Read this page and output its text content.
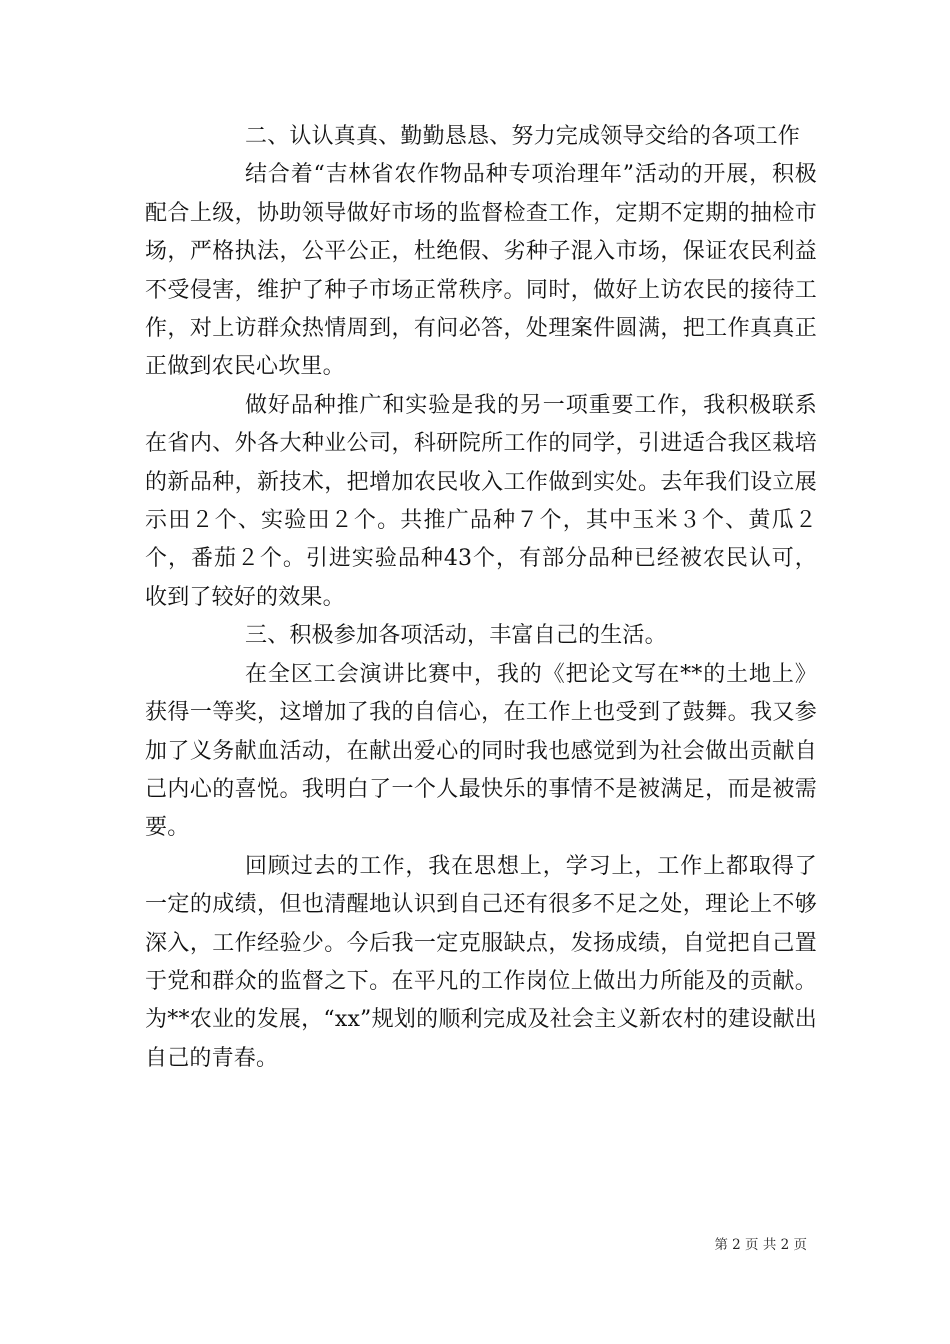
二、认认真真、勤勤恳恳、努力完成领导交给的各项工作

结合着“吉林省农作物品种专项治理年”活动的开展，积极配合上级，协助领导做好市场的监督检查工作，定期不定期的抽检市场，严格执法，公平公正，杜绝假、劣种子混入市场，保证农民利益不受侵害，维护了种子市场正常秩序。同时，做好上访农民的接待工作，对上访群众热情周到，有问必答，处理案件圆满，把工作真真正正做到农民心坎里。

做好品种推广和实验是我的另一项重要工作，我积极联系在省内、外各大种业公司，科研院所工作的同学，引进适合我区栽培的新品种，新技术，把增加农民收入工作做到实处。去年我们设立展示田２个、实验田２个。共推广品种７个，其中玉米３个、黄瓜２个，番茄２个。引进实验品种43个，有部分品种已经被农民认可，收到了较好的效果。

三、积极参加各项活动，丰富自己的生活。

在全区工会演讲比赛中，我的《把论文写在**的土地上》获得一等奖，这增加了我的自信心，在工作上也受到了鼓舞。我又参加了义务献血活动，在献出爱心的同时我也感觉到为社会做出贡献自己内心的喜悦。我明白了一个人最快乐的事情不是被满足，而是被需要。

回顾过去的工作，我在思想上，学习上，工作上都取得了一定的成绩，但也清醒地认识到自己还有很多不足之处，理论上不够深入，工作经验少。今后我一定克服缺点，发扬成绩，自觉把自己置于党和群众的监督之下。在平凡的工作岗位上做出力所能及的贡献。为**农业的发展，“xx”规划的顺利完成及社会主义新农村的建设献出自己的青春。

第 2 页 共 2 页
